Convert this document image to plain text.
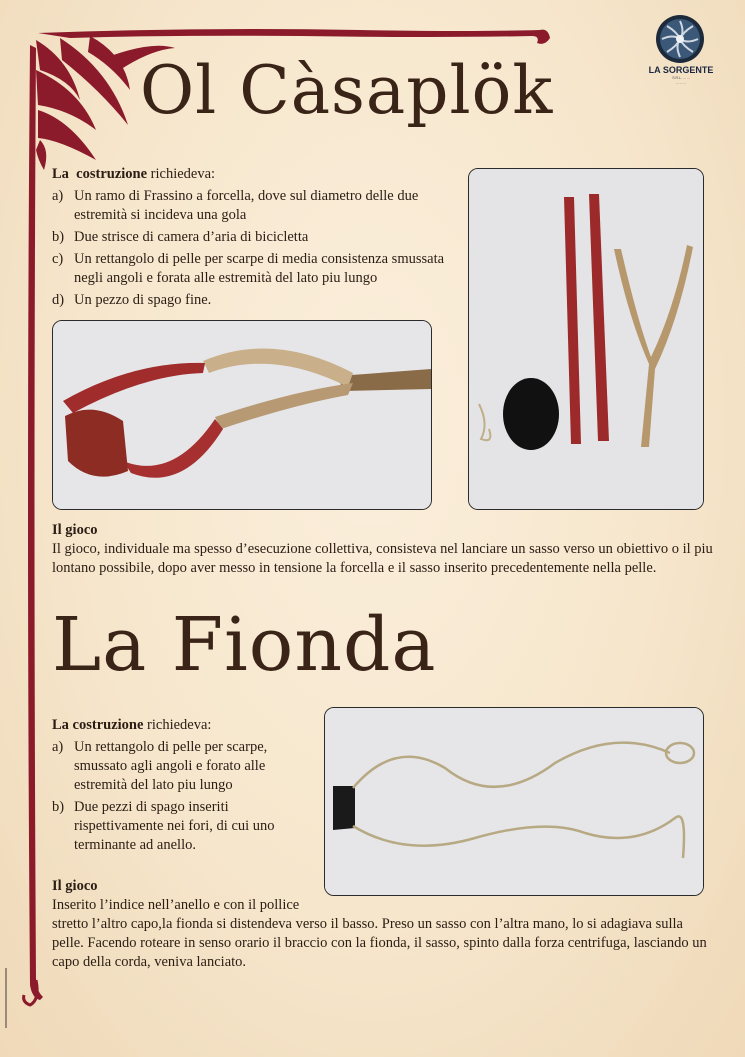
LA SORGENTE
S.R.L. ... ...
... ... ...
Ol Càsaplök
La  costruzione richiedeva:
a) Un ramo di Frassino a forcella, dove sul diametro delle due estremità si incideva una gola
b) Due strisce di camera d’aria di bicicletta
c) Un rettangolo di pelle per scarpe di media consistenza smussata negli angoli e forata alle estremità del lato piu lungo
d) Un pezzo di spago fine.
Il gioco
Il gioco, individuale ma spesso d’esecuzione collettiva, consisteva nel lanciare un sasso verso un obiettivo o il piu lontano possibile, dopo aver messo in tensione la forcella e il sasso inserito precedentemente nella pelle.
La Fionda
La costruzione richiedeva:
a) Un rettangolo di pelle per scarpe, smussato agli angoli e forato alle estremità del lato piu lungo
b) Due pezzi di spago inseriti rispettivamente nei fori, di cui uno terminante ad anello.
Il gioco
Inserito l’indice nell’anello e con il pollice
stretto l’altro capo,la fionda si distendeva verso il basso. Preso un sasso con l’altra mano, lo si adagiava sulla pelle. Facendo roteare in senso orario il braccio con la fionda, il sasso, spinto dalla forza centrifuga, lasciando un capo della corda, veniva lanciato.
